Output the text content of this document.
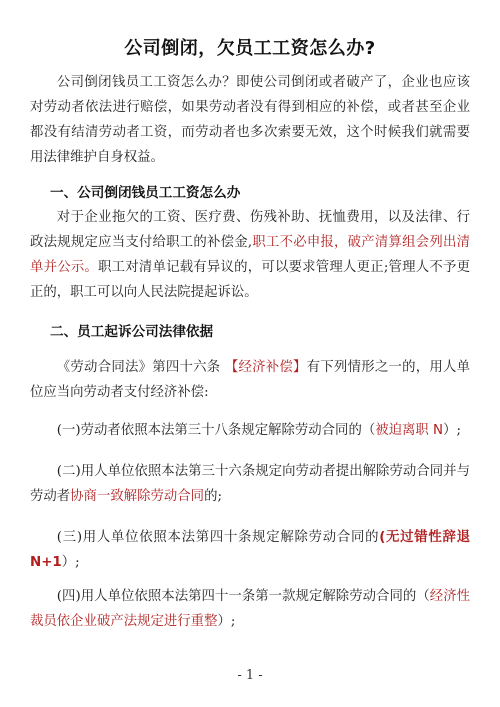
公司倒闭，欠员工工资怎么办?

公司倒闭钱员工工资怎么办？即使公司倒闭或者破产了，企业也应该对劳动者依法进行赔偿，如果劳动者没有得到相应的补偿，或者甚至企业都没有结清劳动者工资，而劳动者也多次索要无效，这个时候我们就需要用法律维护自身权益。

一、公司倒闭钱员工工资怎么办

对于企业拖欠的工资、医疗费、伤残补助、抚恤费用，以及法律、行政法规规定应当支付给职工的补偿金,职工不必申报，破产清算组会列出清单并公示。职工对清单记载有异议的，可以要求管理人更正;管理人不予更正的，职工可以向人民法院提起诉讼。

二、员工起诉公司法律依据

《劳动合同法》第四十六条 【经济补偿】有下列情形之一的，用人单位应当向劳动者支付经济补偿:

(一)劳动者依照本法第三十八条规定解除劳动合同的（被迫离职 N）;

(二)用人单位依照本法第三十六条规定向劳动者提出解除劳动合同并与劳动者协商一致解除劳动合同的;

(三)用人单位依照本法第四十条规定解除劳动合同的(无过错性辞退 N+1）;

(四)用人单位依照本法第四十一条第一款规定解除劳动合同的（经济性裁员依企业破产法规定进行重整）;

- 1 -
